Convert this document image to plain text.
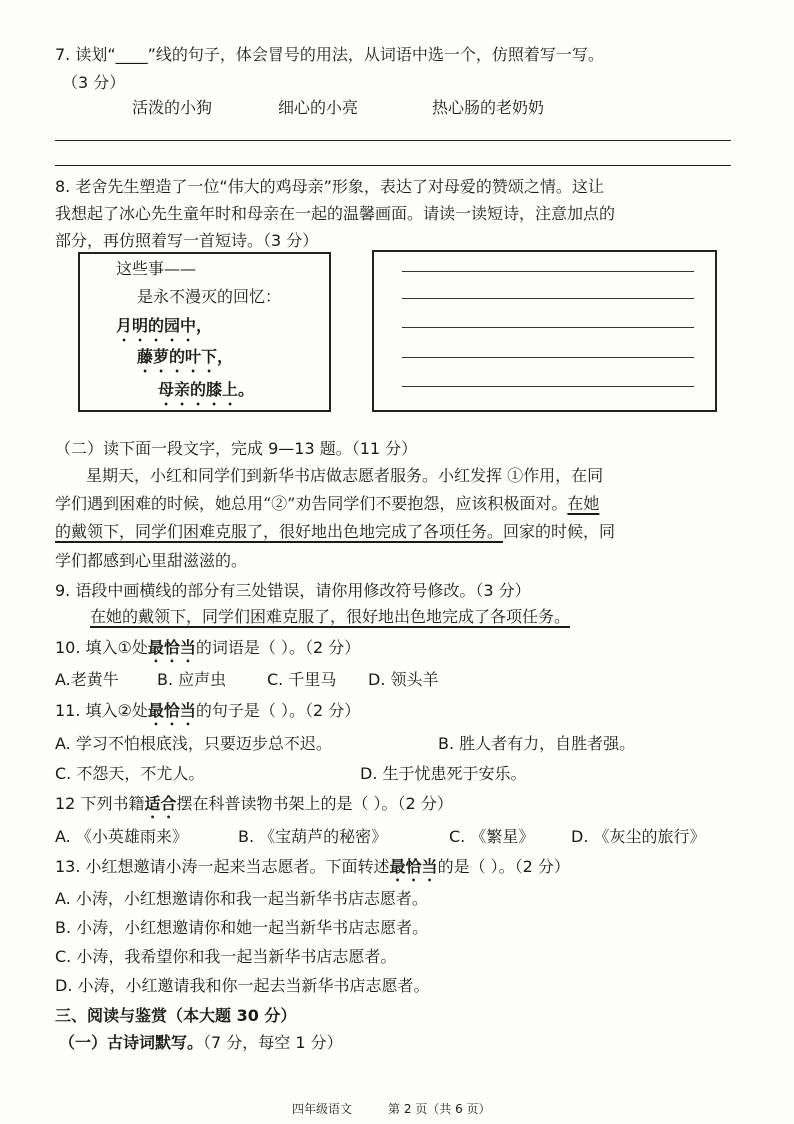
7. 读划“____”线的句子，体会冒号的用法，从词语中选一个，仿照着写一写。
（3 分）
活泼的小狗	细心的小亮	热心肠的老奶奶
8. 老舍先生塑造了一位“伟大的鸡母亲”形象，表达了对母爱的赞颂之情。这让
我想起了冰心先生童年时和母亲在一起的温馨画面。请读一读短诗，注意加点的
部分，再仿照着写一首短诗。（3 分）
这些事——
是永不漫灭的回忆：
月明的园中，
藤萝的叶下，
母亲的膝上。
（二）读下面一段文字，完成 9—13 题。（11 分）
星期天，小红和同学们到新华书店做志愿者服务。小红发挥 ①作用，在同
学们遇到困难的时候，她总用“②”劝告同学们不要抱怨，应该积极面对。在她
的戴领下，同学们困难克服了，很好地出色地完成了各项任务。回家的时候，同
学们都感到心里甜滋滋的。
9. 语段中画横线的部分有三处错误，请你用修改符号修改。（3 分）
在她的戴领下，同学们困难克服了，很好地出色地完成了各项任务。
10. 填入①处最恰当的词语是（ ）。（2 分）
A.老黄牛 B. 应声虫	C. 千里马 D. 领头羊
11. 填入②处最恰当的句子是（ ）。（2 分）
A. 学习不怕根底浅，只要迈步总不迟。	B. 胜人者有力，自胜者强。
C. 不怨天，不尤人。	D. 生于忧患死于安乐。
12 下列书籍适合摆在科普读物书架上的是（ ）。（2 分）
A. 《小英雄雨来》	B. 《宝葫芦的秘密》	C. 《繁星》 D. 《灰尘的旅行》
13. 小红想邀请小涛一起来当志愿者。下面转述最恰当的是（ ）。（2 分）
A. 小涛，小红想邀请你和我一起当新华书店志愿者。
B. 小涛，小红想邀请你和她一起当新华书店志愿者。
C. 小涛，我希望你和我一起当新华书店志愿者。
D. 小涛，小红邀请我和你一起去当新华书店志愿者。
三、阅读与鉴赏（本大题 30 分）
（一）古诗词默写。（7 分，每空 1 分）
四年级语文	第 2 页（共 6 页）
